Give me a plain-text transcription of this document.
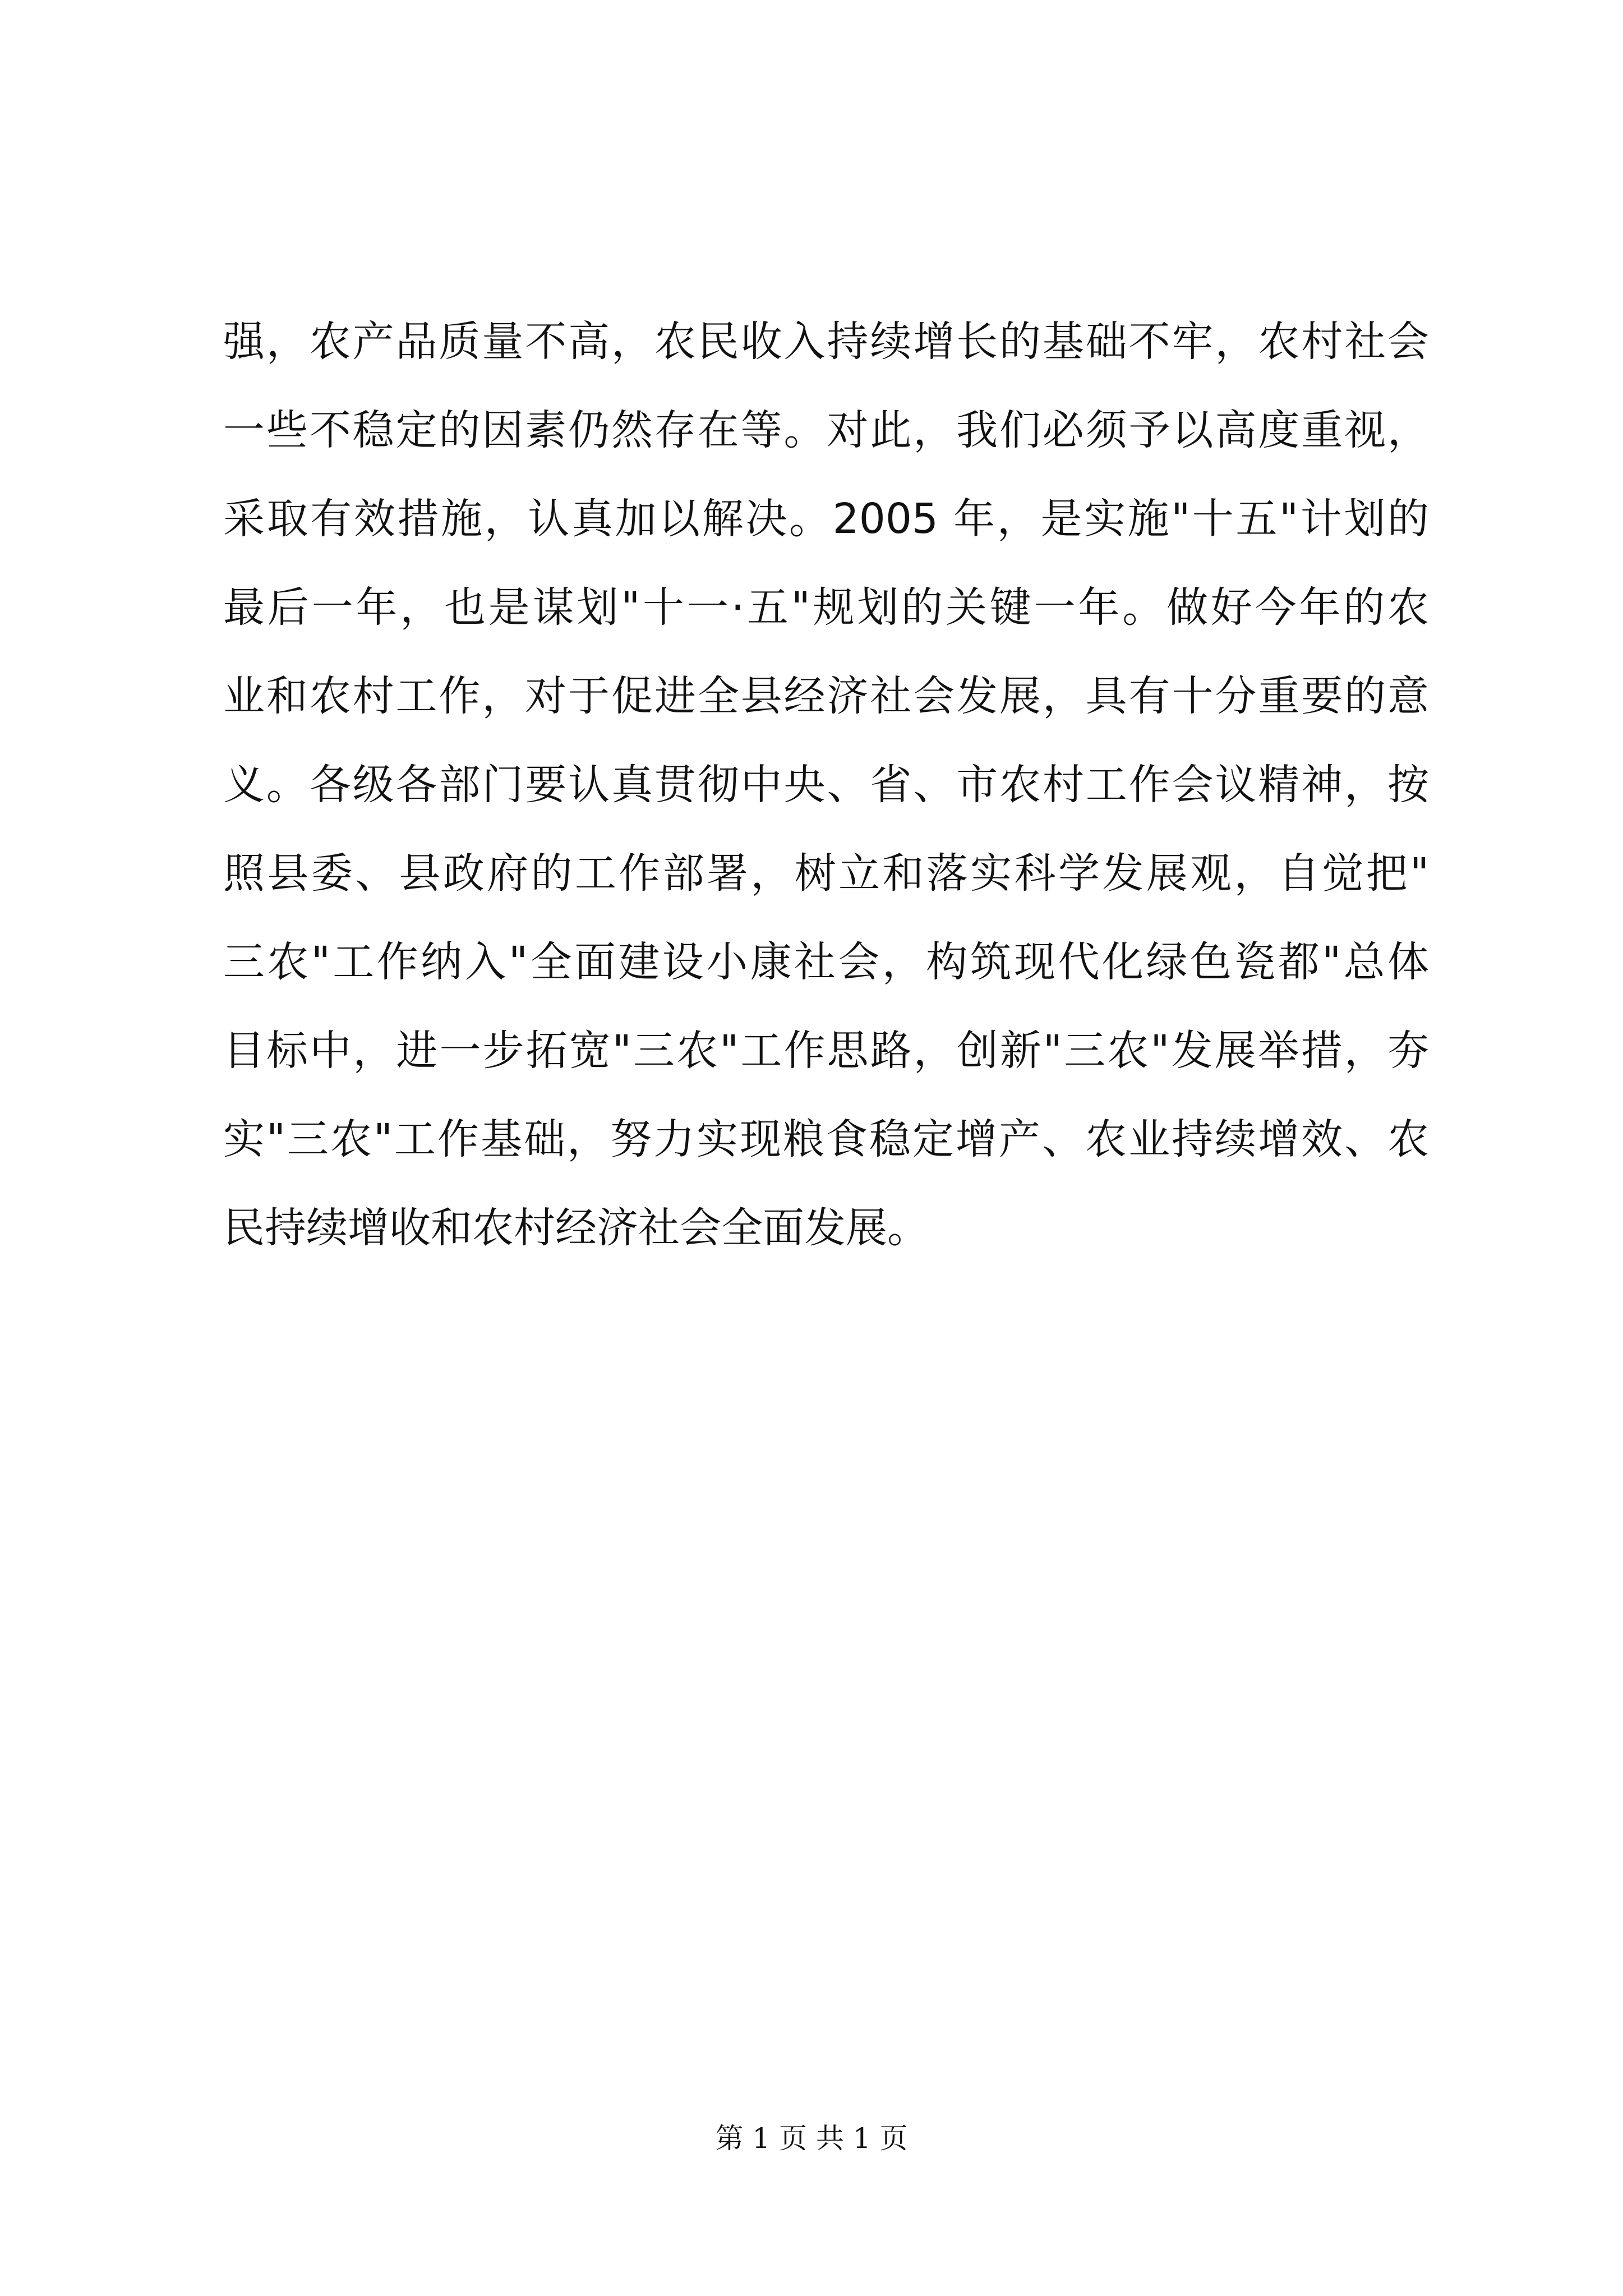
强，农产品质量不高，农民收入持续增长的基础不牢，农村社会
一些不稳定的因素仍然存在等。对此，我们必须予以高度重视，
采取有效措施，认真加以解决。2005 年，是实施"十五"计划的
最后一年，也是谋划"十一·五"规划的关键一年。做好今年的农
业和农村工作，对于促进全县经济社会发展，具有十分重要的意
义。各级各部门要认真贯彻中央、省、市农村工作会议精神，按
照县委、县政府的工作部署，树立和落实科学发展观，自觉把"
三农"工作纳入"全面建设小康社会，构筑现代化绿色瓷都"总体
目标中，进一步拓宽"三农"工作思路，创新"三农"发展举措，夯
实"三农"工作基础，努力实现粮食稳定增产、农业持续增效、农
民持续增收和农村经济社会全面发展。
第 1 页 共 1 页
